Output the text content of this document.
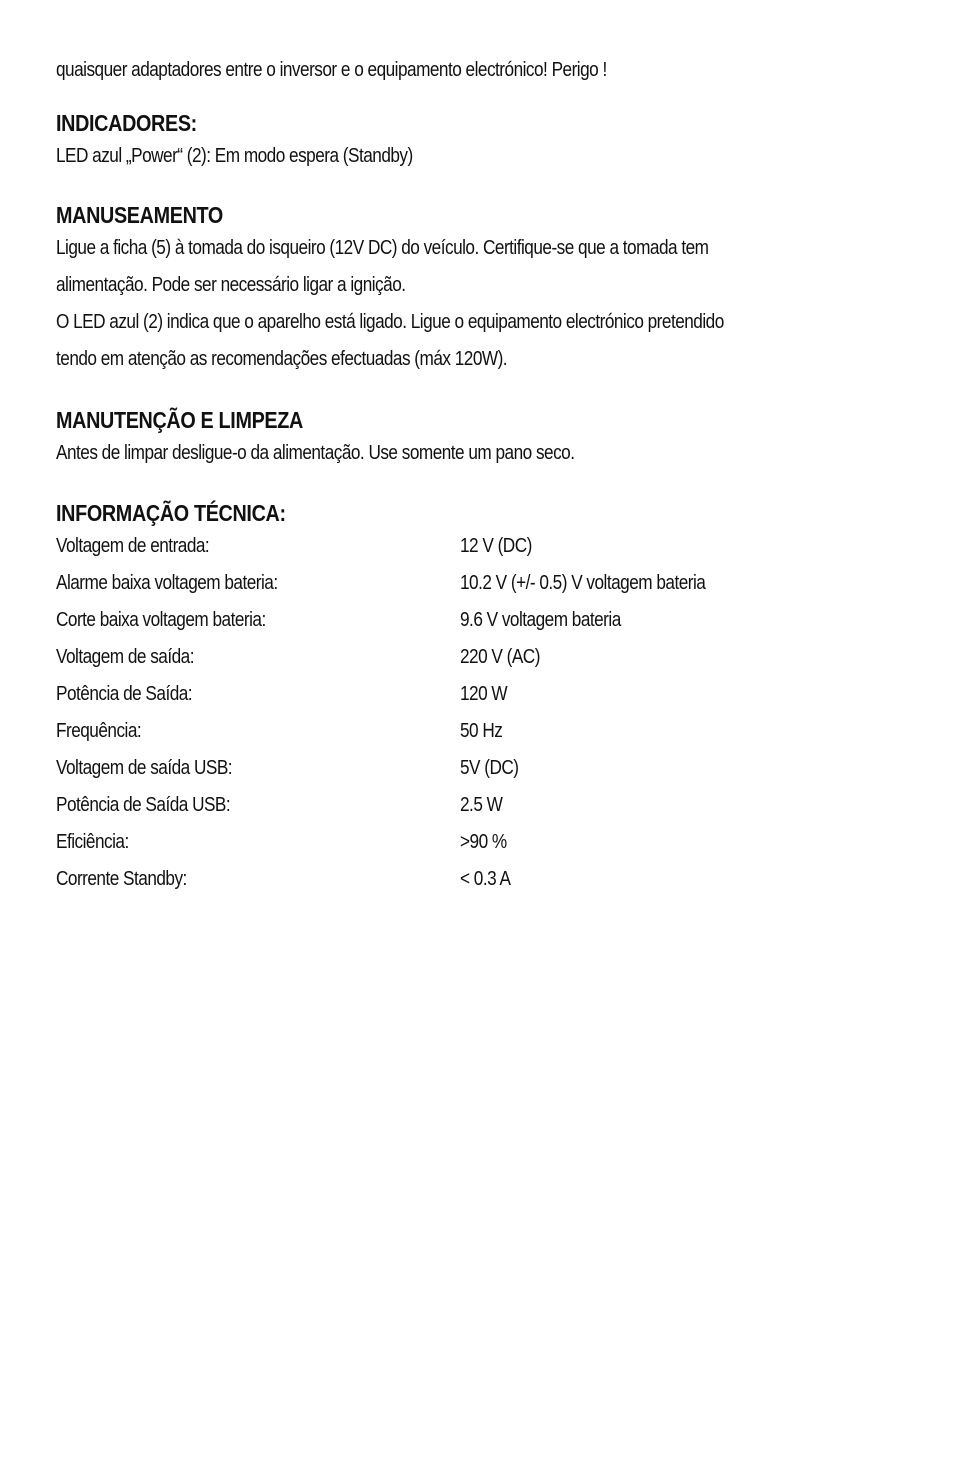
quaisquer adaptadores entre o inversor e o equipamento electrónico! Perigo !
INDICADORES:
LED azul „Power“ (2): Em modo espera (Standby)
MANUSEAMENTO
Ligue a ficha (5) à tomada do isqueiro (12V DC) do veículo. Certifique-se que a tomada tem
alimentação. Pode ser necessário ligar a ignição.
O LED azul (2) indica que o aparelho está ligado. Ligue o equipamento electrónico pretendido
tendo em atenção as recomendações efectuadas (máx 120W).
MANUTENÇÃO E LIMPEZA
Antes de limpar desligue-o da alimentação. Use somente um pano seco.
INFORMAÇÃO TÉCNICA:
Voltagem de entrada:	12 V (DC)
Alarme baixa voltagem bateria:	10.2 V (+/- 0.5) V voltagem bateria
Corte baixa voltagem bateria:	9.6 V voltagem bateria
Voltagem de saída:	220 V (AC)
Potência de Saída:	120 W
Frequência:	50 Hz
Voltagem de saída USB:	5V (DC)
Potência de Saída USB:	2.5 W
Eficiência:	>90 %
Corrente Standby:	< 0.3 A
